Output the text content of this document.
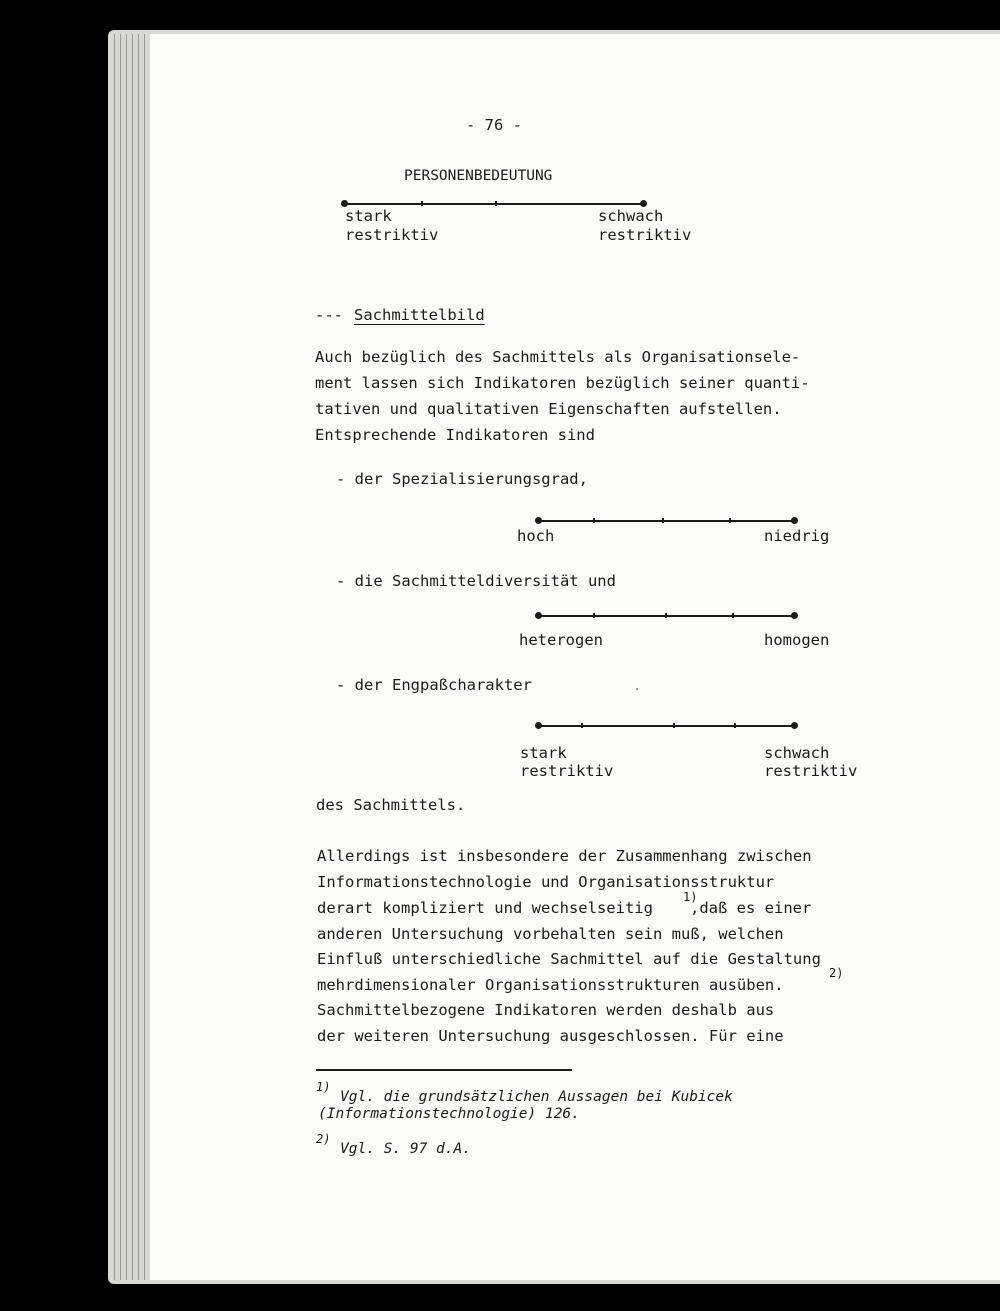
- 76 -
PERSONENBEDEUTUNG
stark
restriktiv
schwach
restriktiv
--- Sachmittelbild
Auch bezüglich des Sachmittels als Organisationsele-
ment lassen sich Indikatoren bezüglich seiner quanti-
tativen und qualitativen Eigenschaften aufstellen.
Entsprechende Indikatoren sind
- der Spezialisierungsgrad,
hoch	niedrig
- die Sachmitteldiversität und
heterogen	homogen
- der Engpaßcharakter
stark
restriktiv
schwach
restriktiv
des Sachmittels.
Allerdings ist insbesondere der Zusammenhang zwischen
Informationstechnologie und Organisationsstruktur
derart kompliziert und wechselseitig
1)
,daß es einer
anderen Untersuchung vorbehalten sein muß, welchen
Einfluß unterschiedliche Sachmittel auf die Gestaltung
mehrdimensionaler Organisationsstrukturen ausüben.
2)
Sachmittelbezogene Indikatoren werden deshalb aus
der weiteren Untersuchung ausgeschlossen. Für eine
1)
Vgl. die grundsätzlichen Aussagen bei Kubicek
(Informationstechnologie) 126.
2)
Vgl. S. 97 d.A.
